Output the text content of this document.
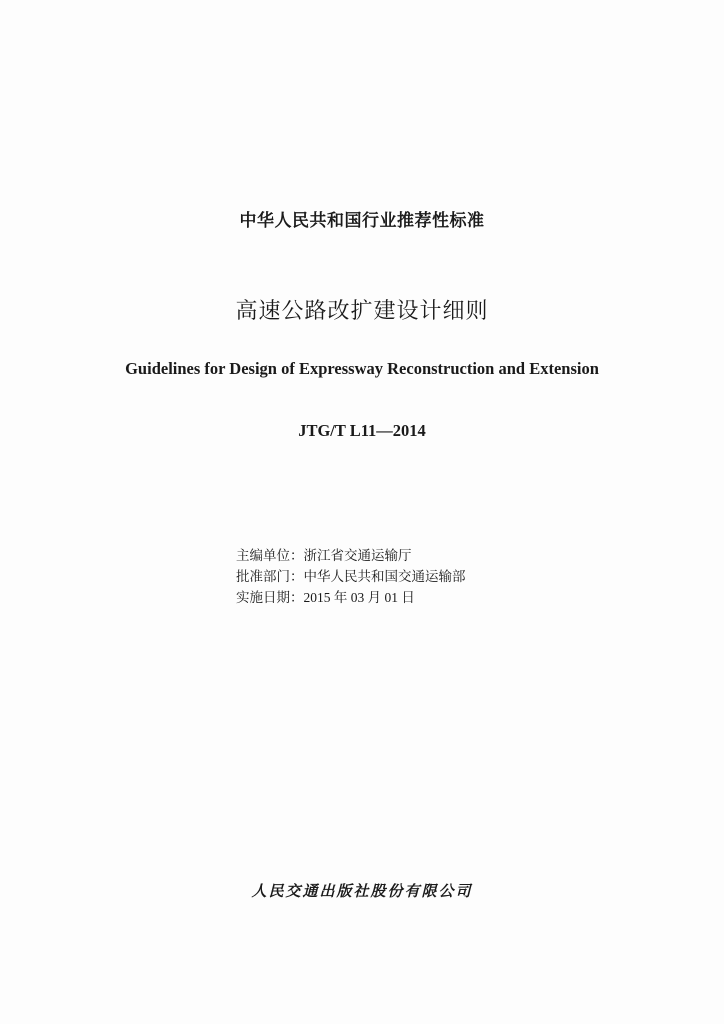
中华人民共和国行业推荐性标准
高速公路改扩建设计细则
Guidelines for Design of Expressway Reconstruction and Extension
JTG/T L11—2014
主编单位：浙江省交通运输厅
批准部门：中华人民共和国交通运输部
实施日期：2015 年 03 月 01 日
人民交通出版社股份有限公司
